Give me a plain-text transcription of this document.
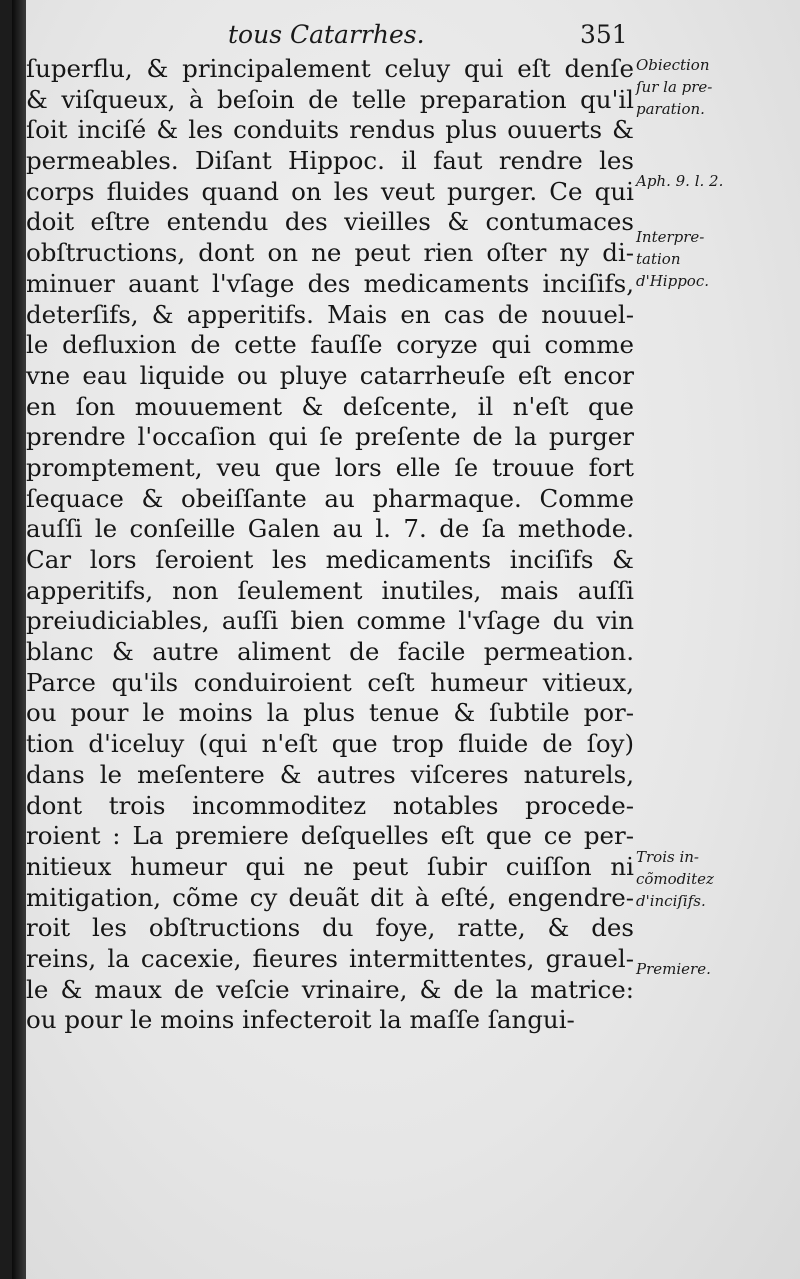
tous Catarrhes.	351
ſuperflu, & principalement celuy qui eſt denſe
& viſqueux, à beſoin de telle preparation qu'il
ſoit inciſé & les conduits rendus plus ouuerts &
permeables. Diſant Hippoc. il faut rendre les
corps fluides quand on les veut purger. Ce qui
doit eſtre entendu des vieilles & contumaces
obſtructions, dont on ne peut rien oſter ny di-
minuer auant l'vſage des medicaments inciſifs,
deterſifs, & apperitifs. Mais en cas de nouuel-
le defluxion de cette fauſſe coryze qui comme
vne eau liquide ou pluye catarrheuſe eſt encor
en ſon mouuement & deſcente, il n'eſt que
prendre l'occaſion qui ſe preſente de la purger
promptement, veu que lors elle ſe trouue fort
ſequace & obeiſſante au pharmaque. Comme
auſſi le conſeille Galen au l. 7. de ſa methode.
Car lors ſeroient les medicaments inciſifs &
apperitifs, non ſeulement inutiles, mais auſſi
preiudiciables, auſſi bien comme l'vſage du vin
blanc & autre aliment de facile permeation.
Parce qu'ils conduiroient ceſt humeur vitieux,
ou pour le moins la plus tenue & ſubtile por-
tion d'iceluy (qui n'eſt que trop fluide de ſoy)
dans le meſentere & autres viſceres naturels,
dont trois incommoditez notables procede-
roient : La premiere deſquelles eſt que ce per-
nitieux humeur qui ne peut ſubir cuiſſon ni
mitigation, cõme cy deuãt dit à eſté, engendre-
roit les obſtructions du foye, ratte, & des
reins, la cacexie, fieures intermittentes, grauel-
le & maux de veſcie vrinaire, & de la matrice:
ou pour le moins infecteroit la maſſe ſangui-
Obiection
ſur la pre-
paration.
Aph. 9. l. 2.
Interpre-
tation
d'Hippoc.
Trois in-
cõmoditez
d'inciſifs.
Premiere.
